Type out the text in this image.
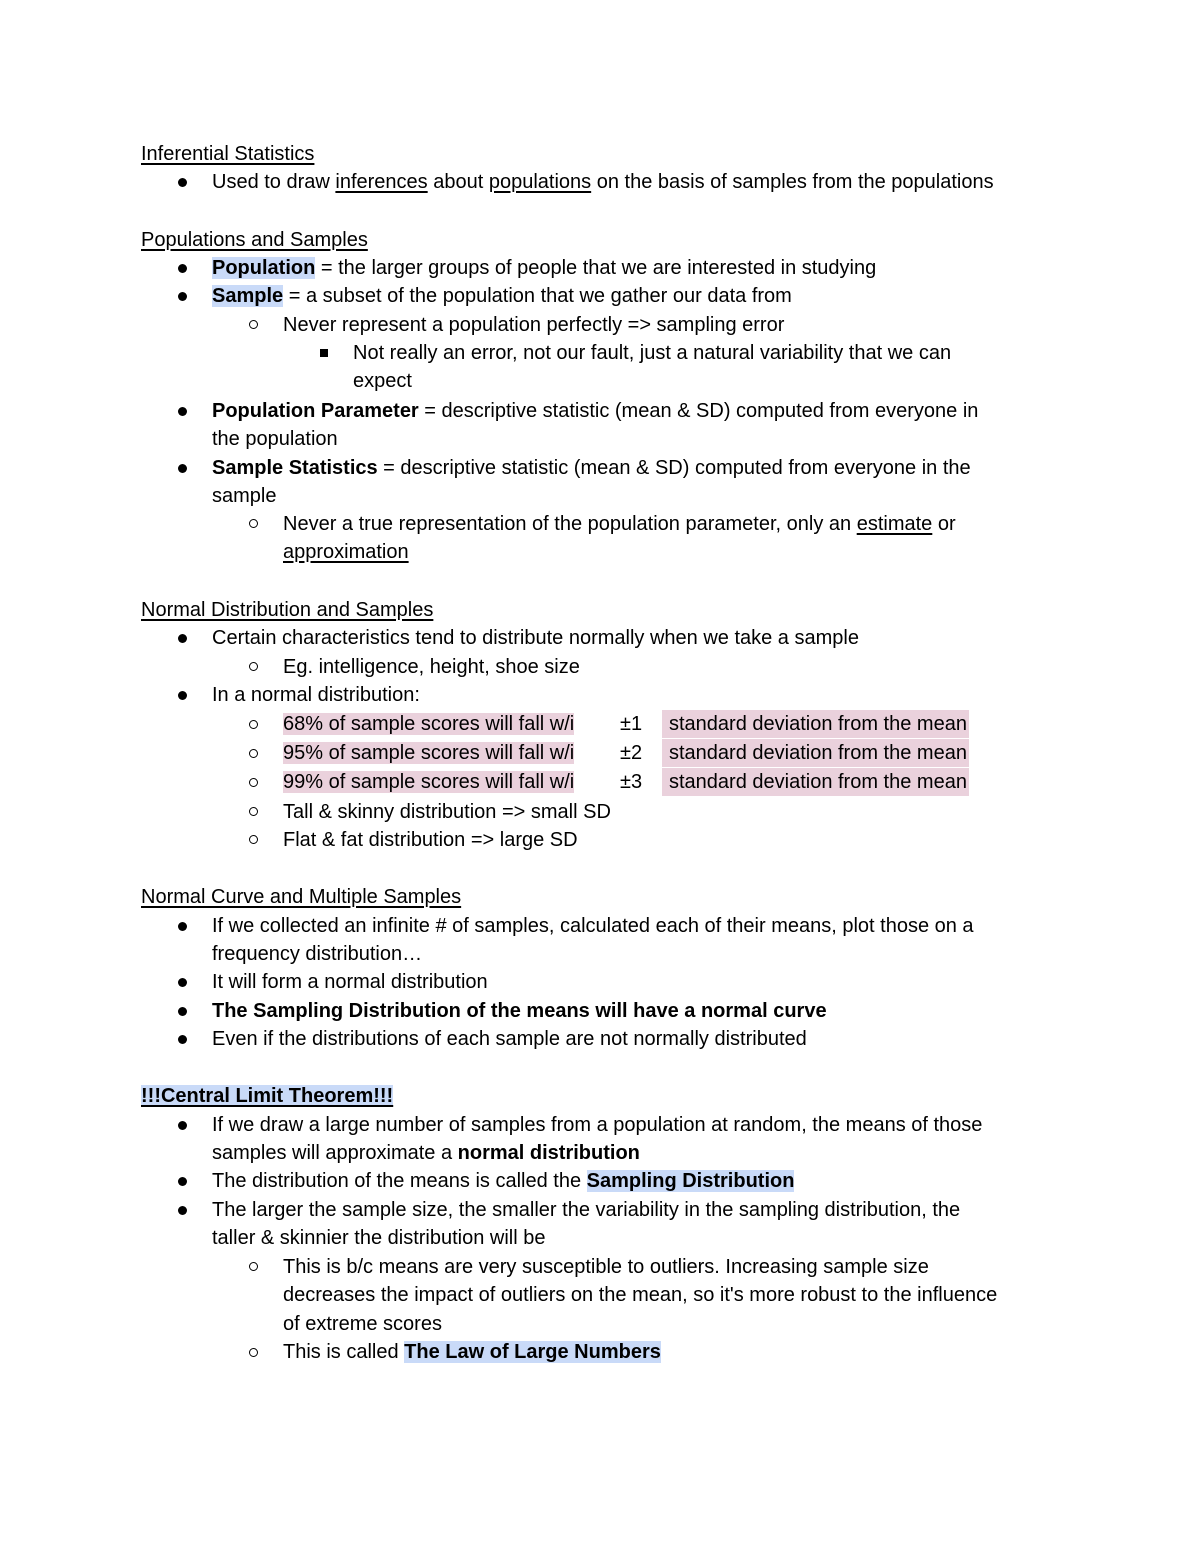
Inferential Statistics
Used to draw inferences about populations on the basis of samples from the populations
Populations and Samples
Population = the larger groups of people that we are interested in studying
Sample = a subset of the population that we gather our data from
Never represent a population perfectly => sampling error
Not really an error, not our fault, just a natural variability that we can
expect
Population Parameter = descriptive statistic (mean & SD) computed from everyone in
the population
Sample Statistics = descriptive statistic (mean & SD) computed from everyone in the
sample
Never a true representation of the population parameter, only an estimate or
approximation
Normal Distribution and Samples
Certain characteristics tend to distribute normally when we take a sample
Eg. intelligence, height, shoe size
In a normal distribution:
68% of sample scores will fall w/i ±1	standard deviation from the mean
95% of sample scores will fall w/i ±2	standard deviation from the mean
99% of sample scores will fall w/i ±3	standard deviation from the mean
Tall & skinny distribution => small SD
Flat & fat distribution => large SD
Normal Curve and Multiple Samples
If we collected an infinite # of samples, calculated each of their means, plot those on a
frequency distribution…
It will form a normal distribution
The Sampling Distribution of the means will have a normal curve
Even if the distributions of each sample are not normally distributed
!!!Central Limit Theorem!!!
If we draw a large number of samples from a population at random, the means of those
samples will approximate a normal distribution
The distribution of the means is called the Sampling Distribution
The larger the sample size, the smaller the variability in the sampling distribution, the
taller & skinnier the distribution will be
This is b/c means are very susceptible to outliers. Increasing sample size
decreases the impact of outliers on the mean, so it's more robust to the influence
of extreme scores
This is called The Law of Large Numbers
